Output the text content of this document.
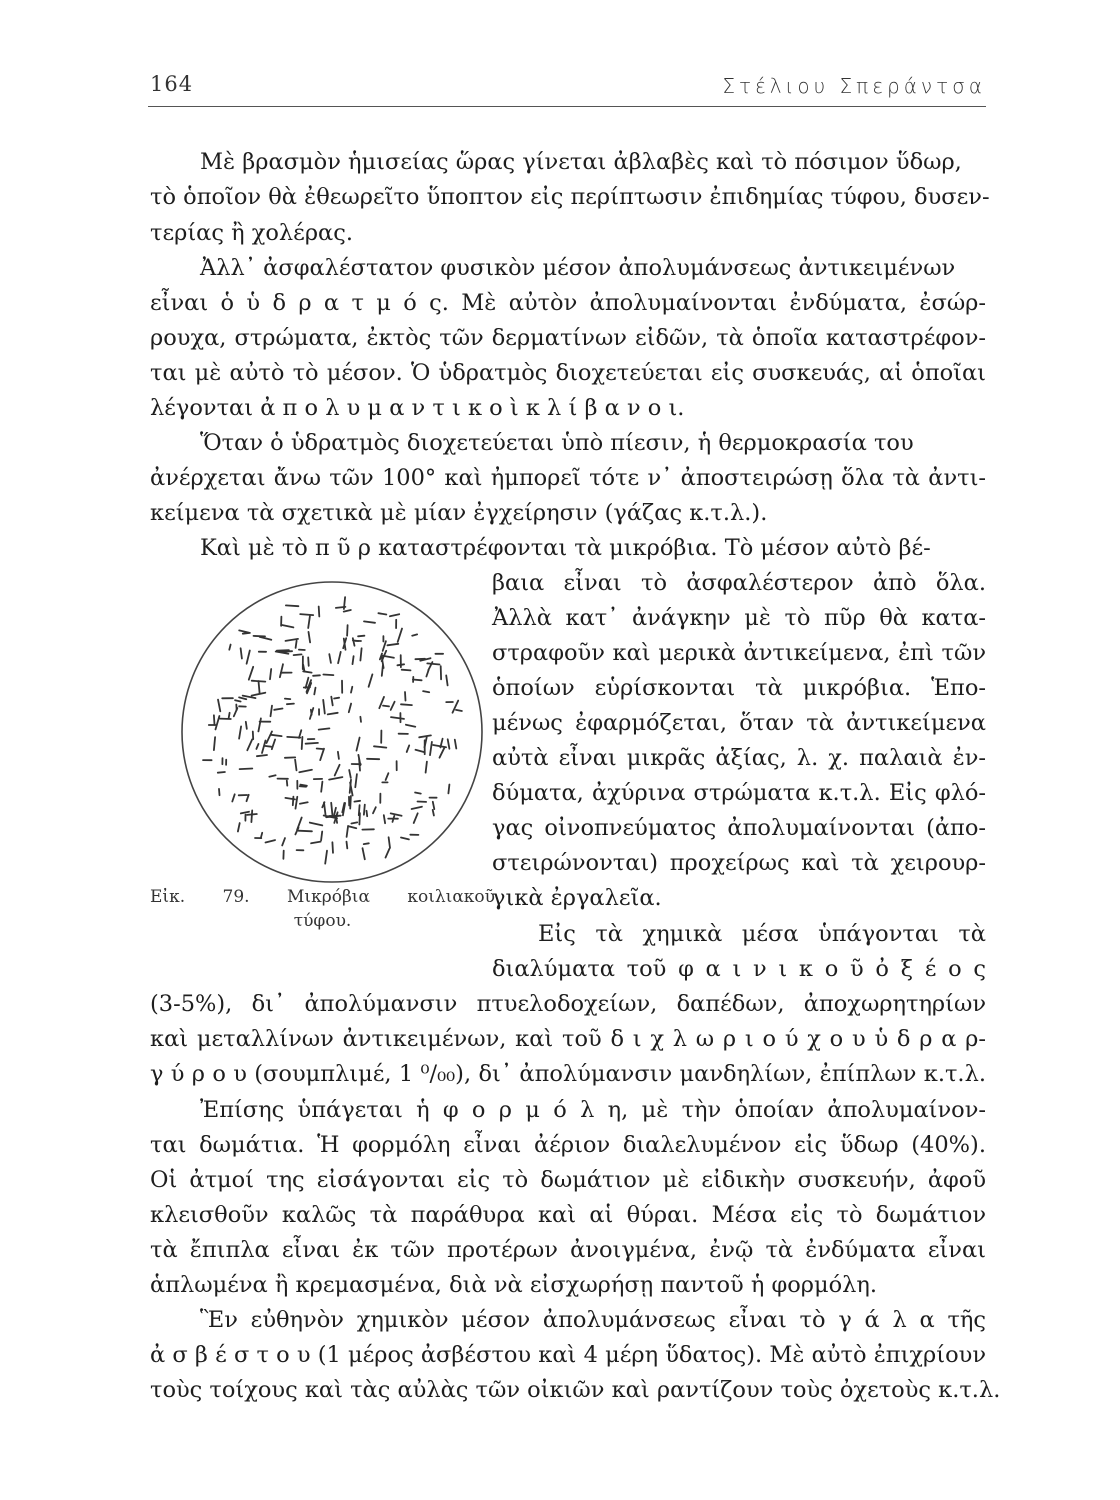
164	Στέλιου Σπεράντσα
Μὲ βρασμὸν ἡμισείας ὥρας γίνεται ἀβλαβὲς καὶ τὸ πόσιμον ὕδωρ,
τὸ ὁποῖον θὰ ἐθεωρεῖτο ὕποπτον εἰς περίπτωσιν ἐπιδημίας τύφου, δυσεν-
τερίας ἢ χολέρας.
Ἀλλ᾽ ἀσφαλέστατον φυσικὸν μέσον ἀπολυμάνσεως ἀντικειμένων
εἶναι ὁ ὑ δ ρ α τ μ ό ς. Μὲ αὐτὸν ἀπολυμαίνονται ἐνδύματα, ἐσώρ-
ρουχα, στρώματα, ἐκτὸς τῶν δερματίνων εἰδῶν, τὰ ὁποῖα καταστρέφον-
ται μὲ αὐτὸ τὸ μέσον. Ὁ ὑδρατμὸς διοχετεύεται εἰς συσκευάς, αἱ ὁποῖαι
λέγονται ἀ π ο λ υ μ α ν τ ι κ ο ὶ κ λ ί β α ν ο ι.
Ὅταν ὁ ὑδρατμὸς διοχετεύεται ὑπὸ πίεσιν, ἡ θερμοκρασία του
ἀνέρχεται ἄνω τῶν 100° καὶ ἠμπορεῖ τότε ν᾽ ἀποστειρώσῃ ὅλα τὰ ἀντι-
κείμενα τὰ σχετικὰ μὲ μίαν ἐγχείρησιν (γάζας κ.τ.λ.).
Καὶ μὲ τὸ π ῦ ρ καταστρέφονται τὰ μικρόβια. Τὸ μέσον αὐτὸ βέ-
Εἰκ. 79. Μικρόβια κοιλιακοῦ
τύφου.
βαια εἶναι τὸ ἀσφαλέστερον ἀπὸ ὅλα.
Ἀλλὰ κατ᾽ ἀνάγκην μὲ τὸ πῦρ θὰ κατα-
στραφοῦν καὶ μερικὰ ἀντικείμενα, ἐπὶ τῶν
ὁποίων εὑρίσκονται τὰ μικρόβια. Ἑπο-
μένως ἐφαρμόζεται, ὅταν τὰ ἀντικείμενα
αὐτὰ εἶναι μικρᾶς ἀξίας, λ. χ. παλαιὰ ἐν-
δύματα, ἀχύρινα στρώματα κ.τ.λ. Εἰς φλό-
γας οἰνοπνεύματος ἀπολυμαίνονται (ἀπο-
στειρώνονται) προχείρως καὶ τὰ χειρουρ-
γικὰ ἐργαλεῖα.
Εἰς τὰ χημικὰ μέσα ὑπάγονται τὰ
διαλύματα τοῦ φ α ι ν ι κ ο ῦ ὀ ξ έ ο ς
(3-5%), δι᾽ ἀπολύμανσιν πτυελοδοχείων, δαπέδων, ἀποχωρητηρίων
καὶ μεταλλίνων ἀντικειμένων, καὶ τοῦ δ ι χ λ ω ρ ι ο ύ χ ο υ ὑ δ ρ α ρ-
γ ύ ρ ο υ (σουμπλιμέ, 1 ⁰/₀₀), δι᾽ ἀπολύμανσιν μανδηλίων, ἐπίπλων κ.τ.λ.
Ἐπίσης ὑπάγεται ἡ φ ο ρ μ ό λ η, μὲ τὴν ὁποίαν ἀπολυμαίνον-
ται δωμάτια. Ἡ φορμόλη εἶναι ἀέριον διαλελυμένον εἰς ὕδωρ (40%).
Οἱ ἀτμοί της εἰσάγονται εἰς τὸ δωμάτιον μὲ εἰδικὴν συσκευήν, ἀφοῦ
κλεισθοῦν καλῶς τὰ παράθυρα καὶ αἱ θύραι. Μέσα εἰς τὸ δωμάτιον
τὰ ἔπιπλα εἶναι ἐκ τῶν προτέρων ἀνοιγμένα, ἐνῷ τὰ ἐνδύματα εἶναι
ἁπλωμένα ἢ κρεμασμένα, διὰ νὰ εἰσχωρήσῃ παντοῦ ἡ φορμόλη.
Ἓν εὐθηνὸν χημικὸν μέσον ἀπολυμάνσεως εἶναι τὸ γ ά λ α τῆς
ἀ σ β έ σ τ ο υ (1 μέρος ἀσβέστου καὶ 4 μέρη ὕδατος). Μὲ αὐτὸ ἐπιχρίουν
τοὺς τοίχους καὶ τὰς αὐλὰς τῶν οἰκιῶν καὶ ραντίζουν τοὺς ὀχετοὺς κ.τ.λ.
